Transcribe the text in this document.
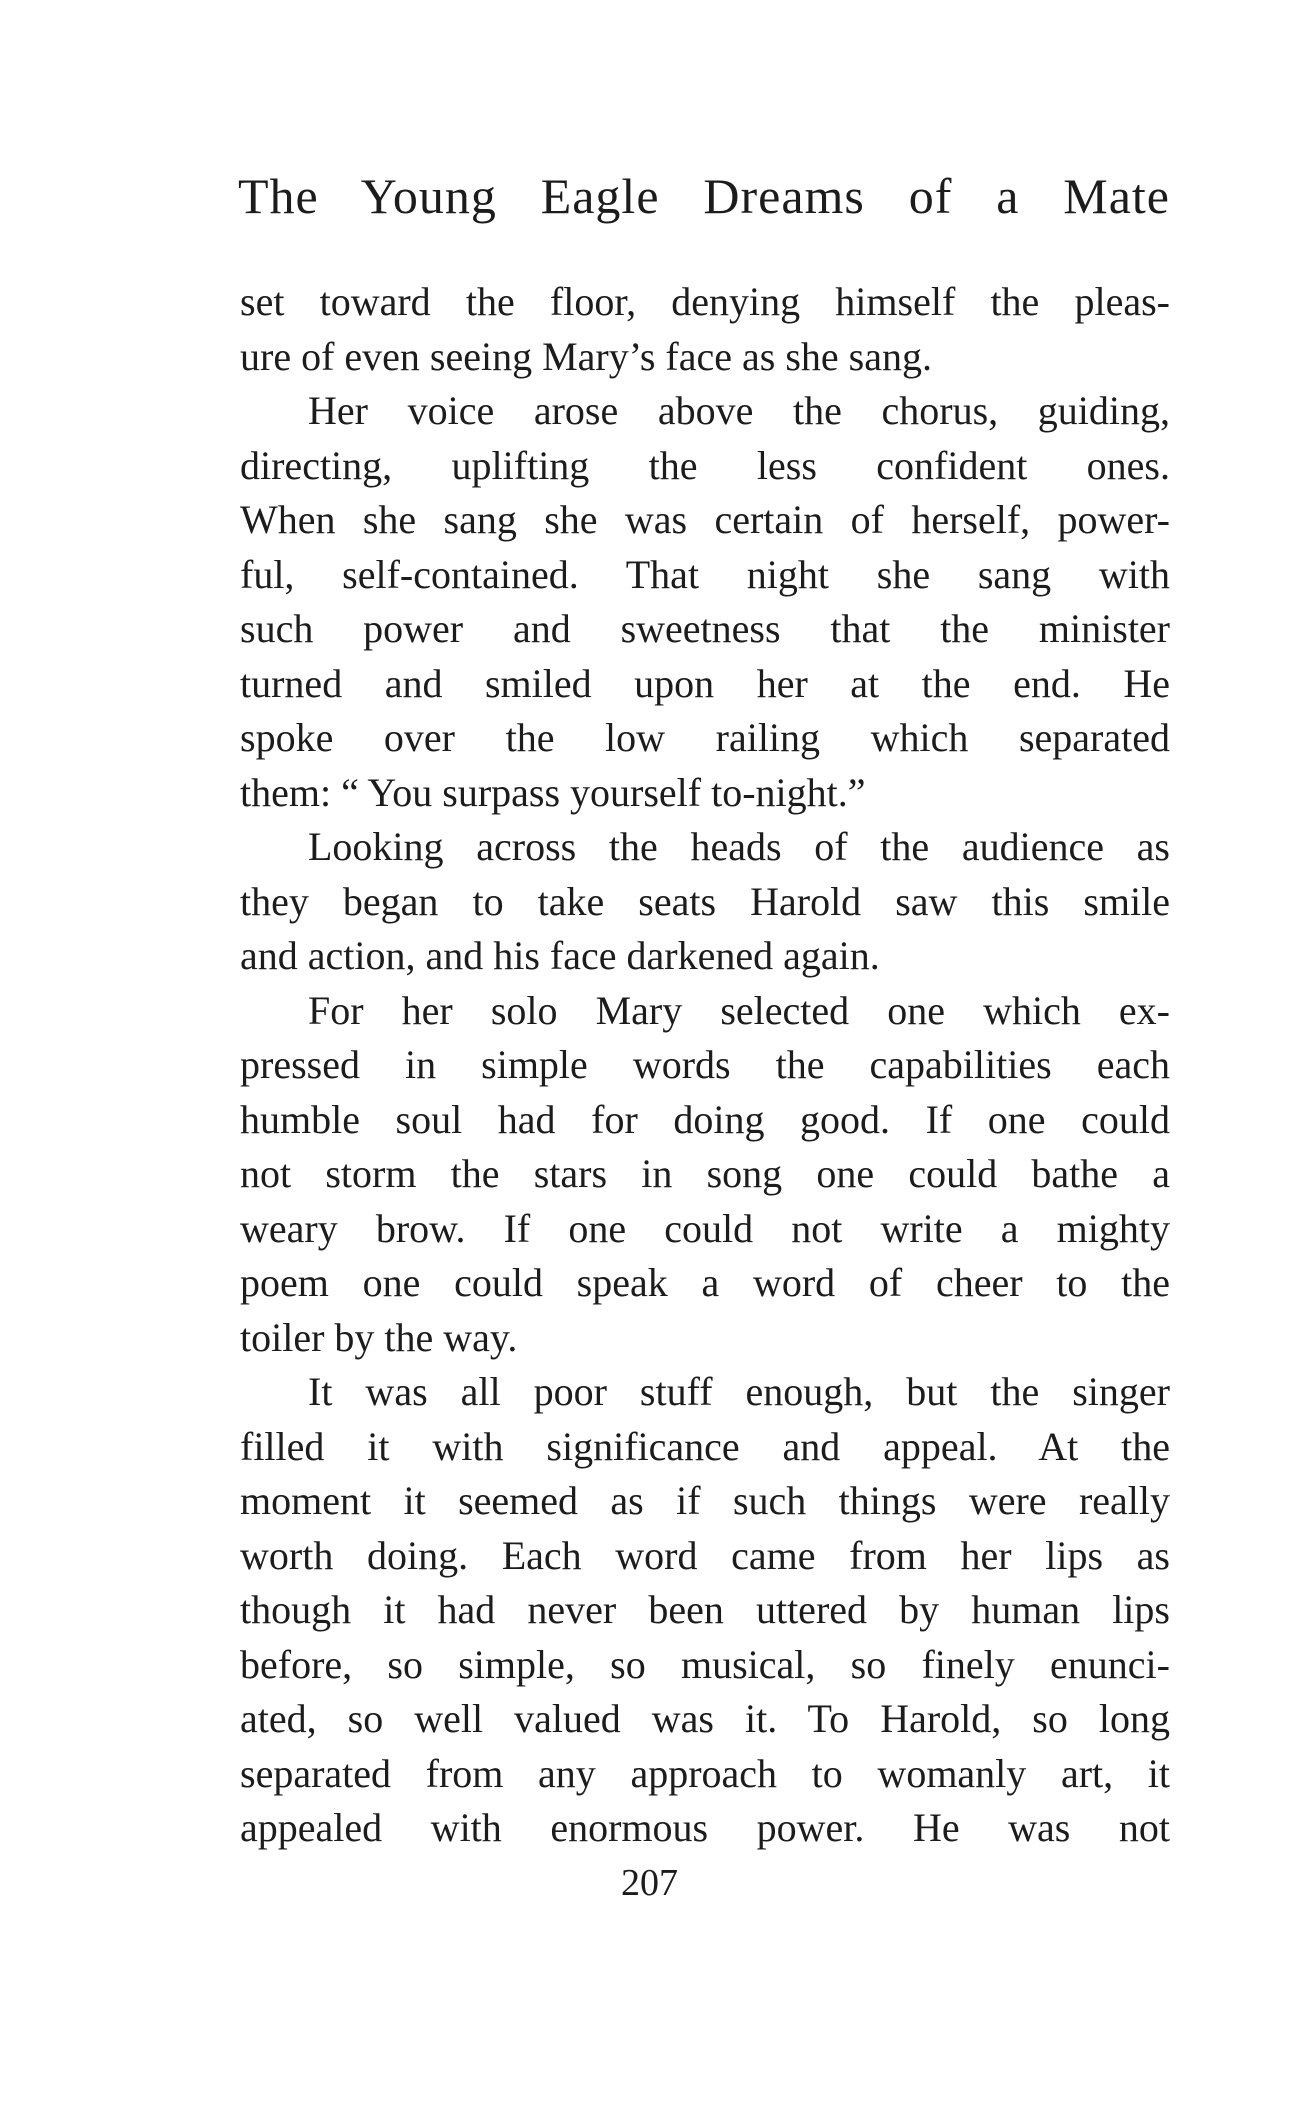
The Young Eagle Dreams of a Mate
set toward the floor, denying himself the pleas-
ure of even seeing Mary’s face as she sang.
Her voice arose above the chorus, guiding,
directing, uplifting the less confident ones.
When she sang she was certain of herself, power-
ful, self-contained. That night she sang with
such power and sweetness that the minister
turned and smiled upon her at the end. He
spoke over the low railing which separated
them: “ You surpass yourself to-night.”
Looking across the heads of the audience as
they began to take seats Harold saw this smile
and action, and his face darkened again.
For her solo Mary selected one which ex-
pressed in simple words the capabilities each
humble soul had for doing good. If one could
not storm the stars in song one could bathe a
weary brow. If one could not write a mighty
poem one could speak a word of cheer to the
toiler by the way.
It was all poor stuff enough, but the singer
filled it with significance and appeal. At the
moment it seemed as if such things were really
worth doing. Each word came from her lips as
though it had never been uttered by human lips
before, so simple, so musical, so finely enunci-
ated, so well valued was it. To Harold, so long
separated from any approach to womanly art, it
appealed with enormous power. He was not
207
